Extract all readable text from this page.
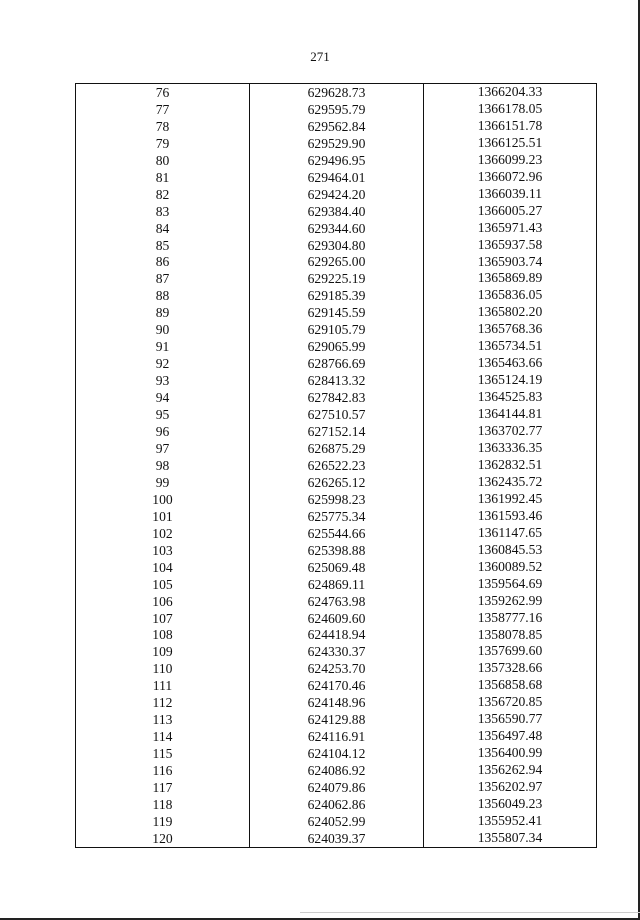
271
76	629628.73	1366204.33
77	629595.79	1366178.05
78	629562.84	1366151.78
79	629529.90	1366125.51
80	629496.95	1366099.23
81	629464.01	1366072.96
82	629424.20	1366039.11
83	629384.40	1366005.27
84	629344.60	1365971.43
85	629304.80	1365937.58
86	629265.00	1365903.74
87	629225.19	1365869.89
88	629185.39	1365836.05
89	629145.59	1365802.20
90	629105.79	1365768.36
91	629065.99	1365734.51
92	628766.69	1365463.66
93	628413.32	1365124.19
94	627842.83	1364525.83
95	627510.57	1364144.81
96	627152.14	1363702.77
97	626875.29	1363336.35
98	626522.23	1362832.51
99	626265.12	1362435.72
100	625998.23	1361992.45
101	625775.34	1361593.46
102	625544.66	1361147.65
103	625398.88	1360845.53
104	625069.48	1360089.52
105	624869.11	1359564.69
106	624763.98	1359262.99
107	624609.60	1358777.16
108	624418.94	1358078.85
109	624330.37	1357699.60
110	624253.70	1357328.66
111	624170.46	1356858.68
112	624148.96	1356720.85
113	624129.88	1356590.77
114	624116.91	1356497.48
115	624104.12	1356400.99
116	624086.92	1356262.94
117	624079.86	1356202.97
118	624062.86	1356049.23
119	624052.99	1355952.41
120	624039.37	1355807.34
